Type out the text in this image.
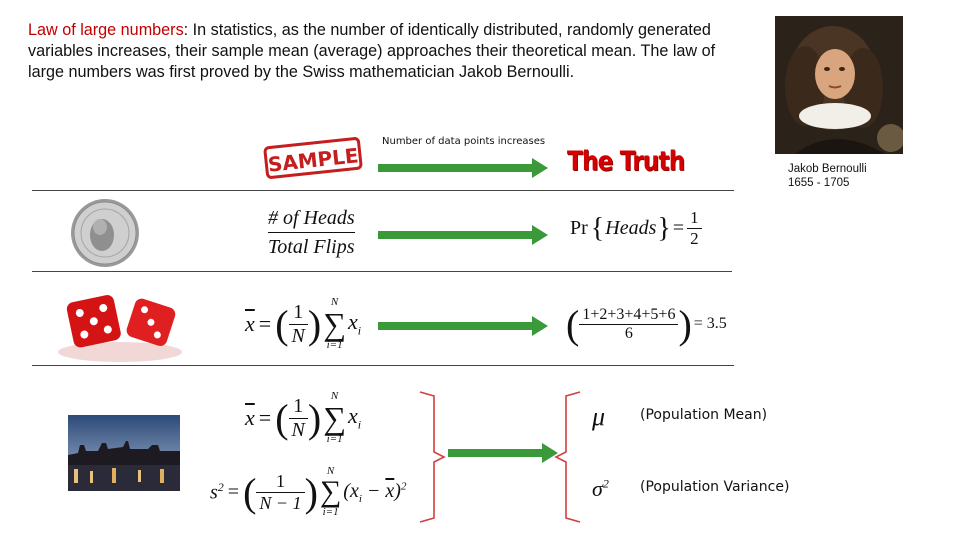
Law of large numbers: In statistics, as the number of identically distributed, randomly generated variables increases, their sample mean (average) approaches their theoretical mean. The law of large numbers was first proved by the Swiss mathematician Jakob Bernoulli.
Jakob Bernoulli
1655 - 1705
SAMPLE
Number of data points increases
The Truth
# of Heads
Total Flips
Pr { Heads } = $\frac{1}{2}$
$\overline{x}$ = ( $\frac{1}{N}$ ) N
∑
i=1
$x_i$	( $\frac{1+2+3+4+5+6}{6}$ ) = 3.5
$\overline{x}$ = ( $\frac{1}{N}$ ) N
∑
i=1
$x_i$
$s^2$ = ( $\frac{1}{N - 1}$ ) N
∑
i=1
$(x_i - \overline{x})^2$
μ (Population Mean)
$\sigma^2$ (Population Variance)
